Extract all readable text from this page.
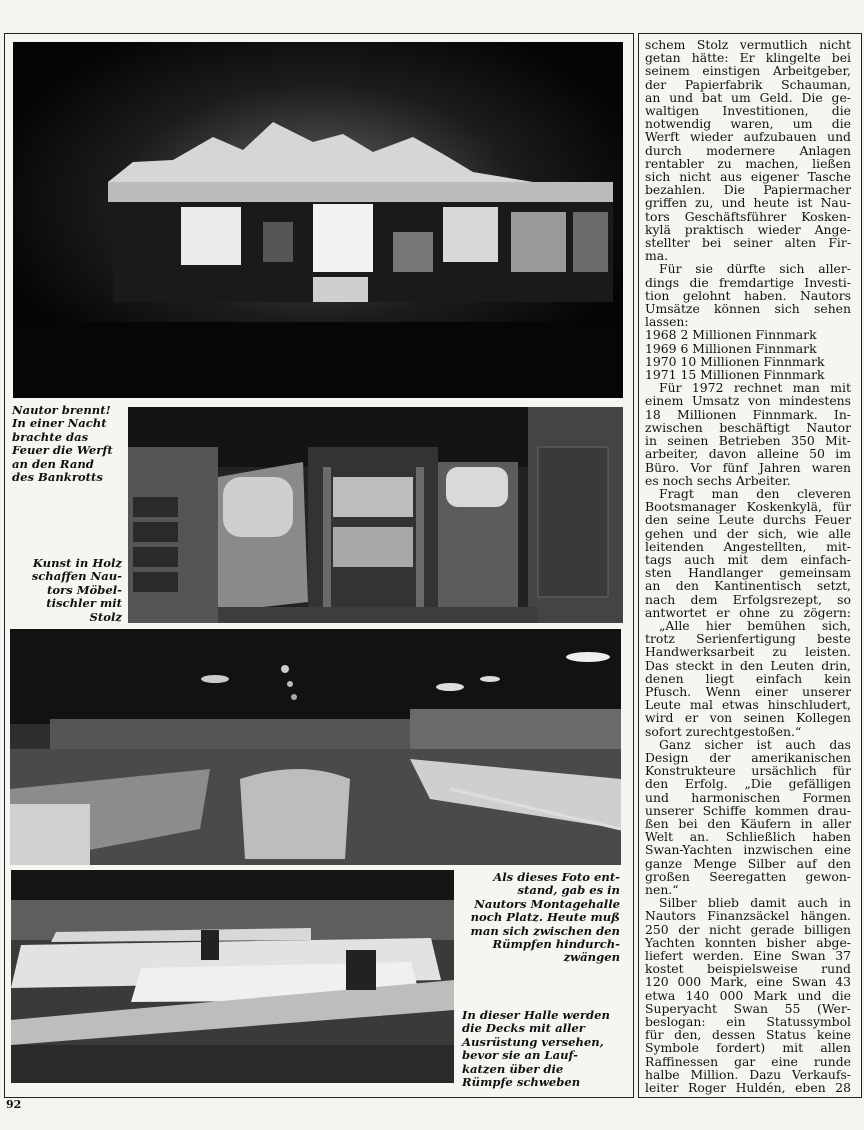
Nautor brennt!
In einer Nacht
brachte das
Feuer die Werft
an den Rand
des Bankrotts
Kunst in Holz
schaffen Nau-
tors Möbel-
tischler mit
Stolz
Als dieses Foto ent-
stand, gab es in
Nautors Montagehalle
noch Platz. Heute muß
man sich zwischen den
Rümpfen hindurch-
zwängen
In dieser Halle werden
die Decks mit aller
Ausrüstung versehen,
bevor sie an Lauf-
katzen über die
Rümpfe schweben
schem Stolz vermutlich nicht
getan hätte: Er klingelte bei
seinem einstigen Arbeitgeber,
der Papierfabrik Schauman,
an und bat um Geld. Die ge-
waltigen Investitionen, die
notwendig waren, um die
Werft wieder aufzubauen und
durch modernere Anlagen
rentabler zu machen, ließen
sich nicht aus eigener Tasche
bezahlen. Die Papiermacher
griffen zu, und heute ist Nau-
tors Geschäftsführer Kosken-
kylä praktisch wieder Ange-
stellter bei seiner alten Fir-
ma.
Für sie dürfte sich aller-
dings die fremdartige Investi-
tion gelohnt haben. Nautors
Umsätze können sich sehen
lassen:
1968 2 Millionen Finnmark
1969 6 Millionen Finnmark
1970 10 Millionen Finnmark
1971 15 Millionen Finnmark
Für 1972 rechnet man mit
einem Umsatz von mindestens
18 Millionen Finnmark. In-
zwischen beschäftigt Nautor
in seinen Betrieben 350 Mit-
arbeiter, davon alleine 50 im
Büro. Vor fünf Jahren waren
es noch sechs Arbeiter.
Fragt man den cleveren
Bootsmanager Koskenkylä, für
den seine Leute durchs Feuer
gehen und der sich, wie alle
leitenden Angestellten, mit-
tags auch mit dem einfach-
sten Handlanger gemeinsam
an den Kantinentisch setzt,
nach dem Erfolgsrezept, so
antwortet er ohne zu zögern:
„Alle hier bemühen sich,
trotz Serienfertigung beste
Handwerksarbeit zu leisten.
Das steckt in den Leuten drin,
denen liegt einfach kein
Pfusch. Wenn einer unserer
Leute mal etwas hinschludert,
wird er von seinen Kollegen
sofort zurechtgestoßen.“
Ganz sicher ist auch das
Design der amerikanischen
Konstrukteure ursächlich für
den Erfolg. „Die gefälligen
und harmonischen Formen
unserer Schiffe kommen drau-
ßen bei den Käufern in aller
Welt an. Schließlich haben
Swan-Yachten inzwischen eine
ganze Menge Silber auf den
großen Seeregatten gewon-
nen.“
Silber blieb damit auch in
Nautors Finanzsäckel hängen.
250 der nicht gerade billigen
Yachten konnten bisher abge-
liefert werden. Eine Swan 37
kostet beispielsweise rund
120 000 Mark, eine Swan 43
etwa 140 000 Mark und die
Superyacht Swan 55 (Wer-
beslogan: ein Statussymbol
für den, dessen Status keine
Symbole fordert) mit allen
Raffinessen gar eine runde
halbe Million. Dazu Verkaufs-
leiter Roger Huldén, eben 28
92
